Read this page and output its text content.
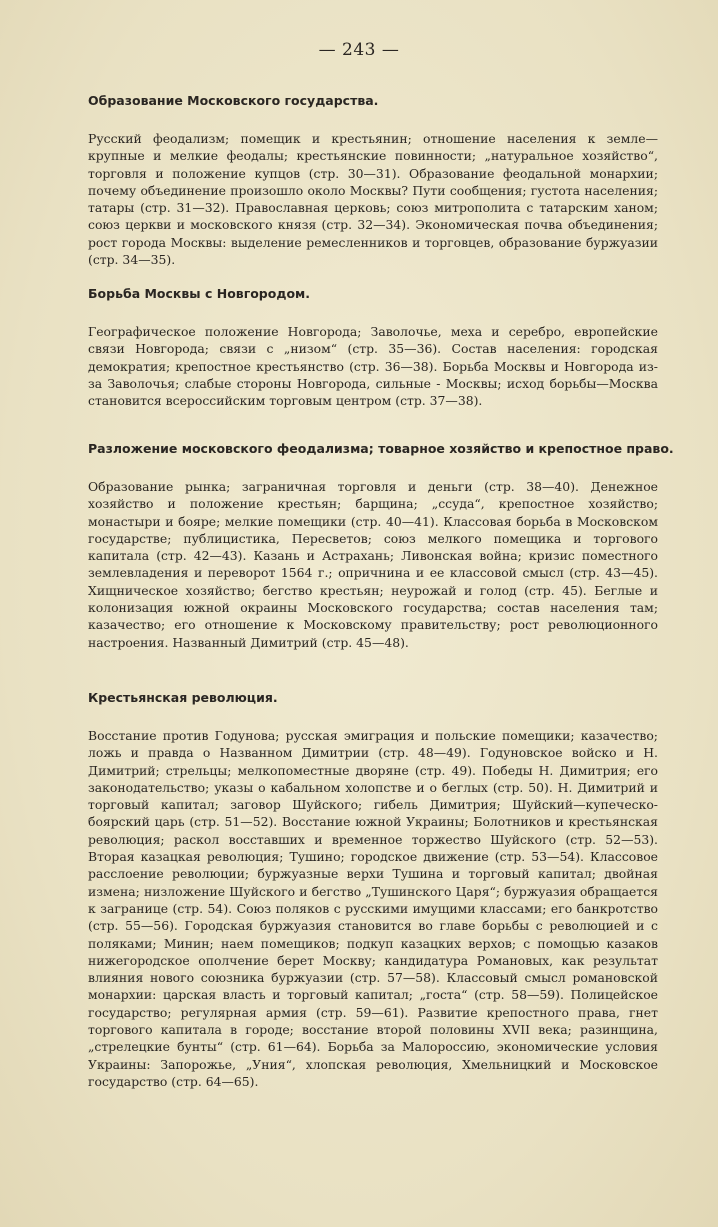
— 243 —
Образование Московского государства.

Русский феодализм; помещик и крестьянин; отношение населения к земле— крупные и мелкие феодалы; крестьянские повинности; „натуральное хозяйство“, торговля и положение купцов (стр. 30—31). Образование феодальной монархии; почему объединение произошло около Москвы? Пути сообщения; густота населения; татары (стр. 31—32). Православная церковь; союз митрополита с татарским ханом; союз церкви и московского князя (стр. 32—34). Экономическая почва объединения; рост города Москвы: выделение ремесленников и торговцев, образование буржуазии (стр. 34—35).

Борьба Москвы с Новгородом.

Географическое положение Новгорода; Заволочье, меха и серебро, европейские связи Новгорода; связи с „низом“ (стр. 35—36). Состав населения: городская демократия; крепостное крестьянство (стр. 36—38). Борьба Москвы и Новгорода из-за Заволочья; слабые стороны Новгорода, сильные - Москвы; исход борьбы—Москва становится всероссийским торговым центром (стр. 37—38).

Разложение московского феодализма; товарное хозяйство и крепостное право.

Образование рынка; заграничная торговля и деньги (стр. 38—40). Денежное хозяйство и положение крестьян; барщина; „ссуда“, крепостное хозяйство; монастыри и бояре; мелкие помещики (стр. 40—41). Классовая борьба в Московском государстве; публицистика, Пересветов; союз мелкого помещика и торгового капитала (стр. 42—43). Казань и Астрахань; Ливонская война; кризис поместного землевладения и переворот 1564 г.; опричнина и ее классовой смысл (стр. 43—45). Хищническое хозяйство; бегство крестьян; неурожай и голод (стр. 45). Беглые и колонизация южной окраины Московского государства; состав населения там; казачество; его отношение к Московскому правительству; рост революционного настроения. Названный Димитрий (стр. 45—48).

Крестьянская революция.

Восстание против Годунова; русская эмиграция и польские помещики; казачество; ложь и правда о Названном Димитрии (стр. 48—49). Годуновское войско и Н. Димитрий; стрельцы; мелкопоместные дворяне (стр. 49). Победы Н. Димитрия; его законодательство; указы о кабальном холопстве и о беглых (стр. 50). Н. Димитрий и торговый капитал; заговор Шуйского; гибель Димитрия; Шуйский—купеческо-боярский царь (стр. 51—52). Восстание южной Украины; Болотников и крестьянская революция; раскол восставших и временное торжество Шуйского (стр. 52—53). Вторая казацкая революция; Тушино; городское движение (стр. 53—54). Классовое расслоение революции; буржуазные верхи Тушина и торговый капитал; двойная измена; низложение Шуйского и бегство „Тушинского Царя“; буржуазия обращается к загранице (стр. 54). Союз поляков с русскими имущими классами; его банкротство (стр. 55—56). Городская буржуазия становится во главе борьбы с революцией и с поляками; Минин; наем помещиков; подкуп казацких верхов; с помощью казаков нижегородское ополчение берет Москву; кандидатура Романовых, как результат влияния нового союзника буржуазии (стр. 57—58). Классовый смысл романовской монархии: царская власть и торговый капитал; „госта“ (стр. 58—59). Полицейское государство; регулярная армия (стр. 59—61). Развитие крепостного права, гнет торгового капитала в городе; восстание второй половины XVII века; разинщина, „стрелецкие бунты“ (стр. 61—64). Борьба за Малороссию, экономические условия Украины: Запорожье, „Уния“, хлопская революция, Хмельницкий и Московское государство (стр. 64—65).
